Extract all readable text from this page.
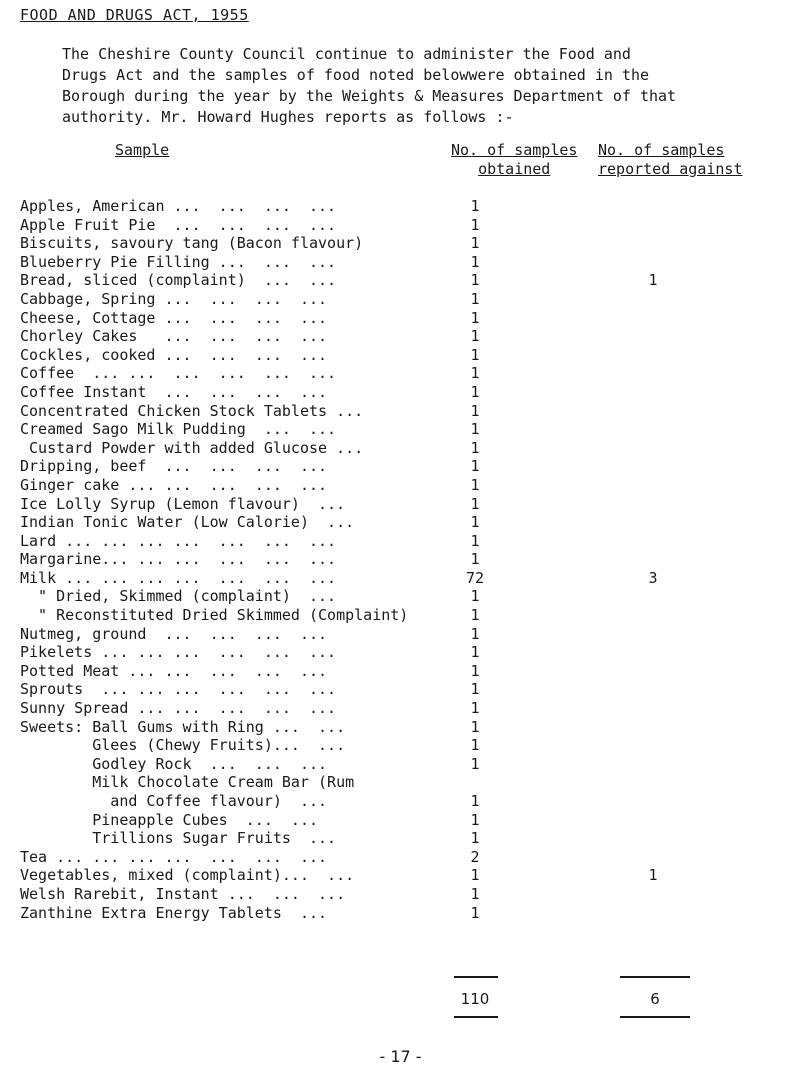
FOOD AND DRUGS ACT, 1955

The Cheshire County Council continue to administer the Food and

Drugs Act and the samples of food noted belowwere obtained in the

Borough during the year by the Weights & Measures Department of that

authority. Mr. Howard Hughes reports as follows :-

Sample	No. of samples
obtained
No. of samples
reported against
Apples, American ...  ...  ...  ...	1
Apple Fruit Pie  ...  ...  ...  ...	1
Biscuits, savoury tang (Bacon flavour)	1
Blueberry Pie Filling ...  ...  ...	1
Bread, sliced (complaint)  ...  ...	1	1
Cabbage, Spring ...  ...  ...  ...	1
Cheese, Cottage ...  ...  ...  ...	1
Chorley Cakes   ...  ...  ...  ...	1
Cockles, cooked ...  ...  ...  ...	1
Coffee  ... ...  ...  ...  ...  ...	1
Coffee Instant  ...  ...  ...  ...	1
Concentrated Chicken Stock Tablets ...	1
Creamed Sago Milk Pudding  ...  ...	1
Custard Powder with added Glucose ...	1
Dripping, beef  ...  ...  ...  ...	1
Ginger cake ... ...  ...  ...  ...	1
Ice Lolly Syrup (Lemon flavour)  ...	1
Indian Tonic Water (Low Calorie)  ...	1
Lard ... ... ... ...  ...  ...  ...	1
Margarine... ... ...  ...  ...  ...	1
Milk ... ... ... ...  ...  ...  ...	72	3
" Dried, Skimmed (complaint)  ...	1
" Reconstituted Dried Skimmed (Complaint)	1
Nutmeg, ground  ...  ...  ...  ...	1
Pikelets ... ... ...  ...  ...  ...	1
Potted Meat ... ...  ...  ...  ...	1
Sprouts  ... ... ...  ...  ...  ...	1
Sunny Spread ... ...  ...  ...  ...	1
Sweets: Ball Gums with Ring ...  ...	1
Glees (Chewy Fruits)...  ...	1
Godley Rock  ...  ...  ...	1
Milk Chocolate Cream Bar (Rum
and Coffee flavour)  ...	1
Pineapple Cubes  ...  ...	1
Trillions Sugar Fruits  ...	1
Tea ... ... ... ...  ...  ...  ...	2
Vegetables, mixed (complaint)...  ...	1	1
Welsh Rarebit, Instant ...  ...  ...	1
Zanthine Extra Energy Tablets  ...	1
110	6
- 17 -
